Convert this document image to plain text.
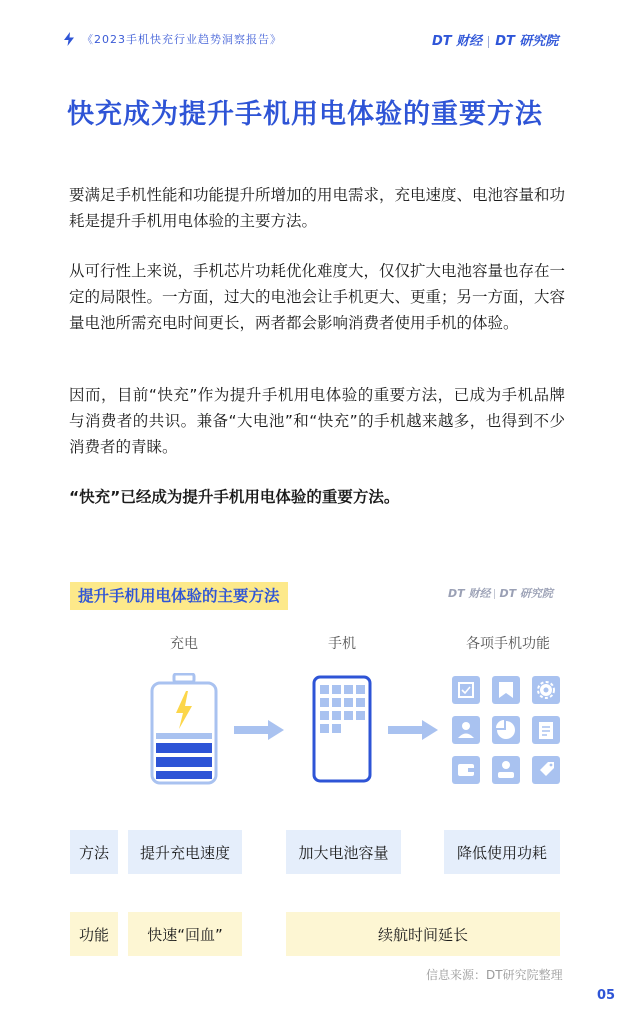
《2023手机快充行业趋势洞察报告》	DT 财经 DT 研究院
快充成为提升手机用电体验的重要方法

要满足手机性能和功能提升所增加的用电需求，充电速度、电池容量和功耗是提升手机用电体验的主要方法。

从可行性上来说，手机芯片功耗优化难度大，仅仅扩大电池容量也存在一定的局限性。一方面，过大的电池会让手机更大、更重；另一方面，大容量电池所需充电时间更长，两者都会影响消费者使用手机的体验。

因而，目前“快充”作为提升手机用电体验的重要方法，已成为手机品牌与消费者的共识。兼备“大电池”和“快充”的手机越来越多，也得到不少消费者的青睐。

“快充”已经成为提升手机用电体验的重要方法。

提升手机用电体验的主要方法	DT 财经 DT 研究院
充电	手机	各项手机功能
方法	提升充电速度	加大电池容量	降低使用功耗
功能	快速“回血”	续航时间延长
信息来源：DT研究院整理
05
